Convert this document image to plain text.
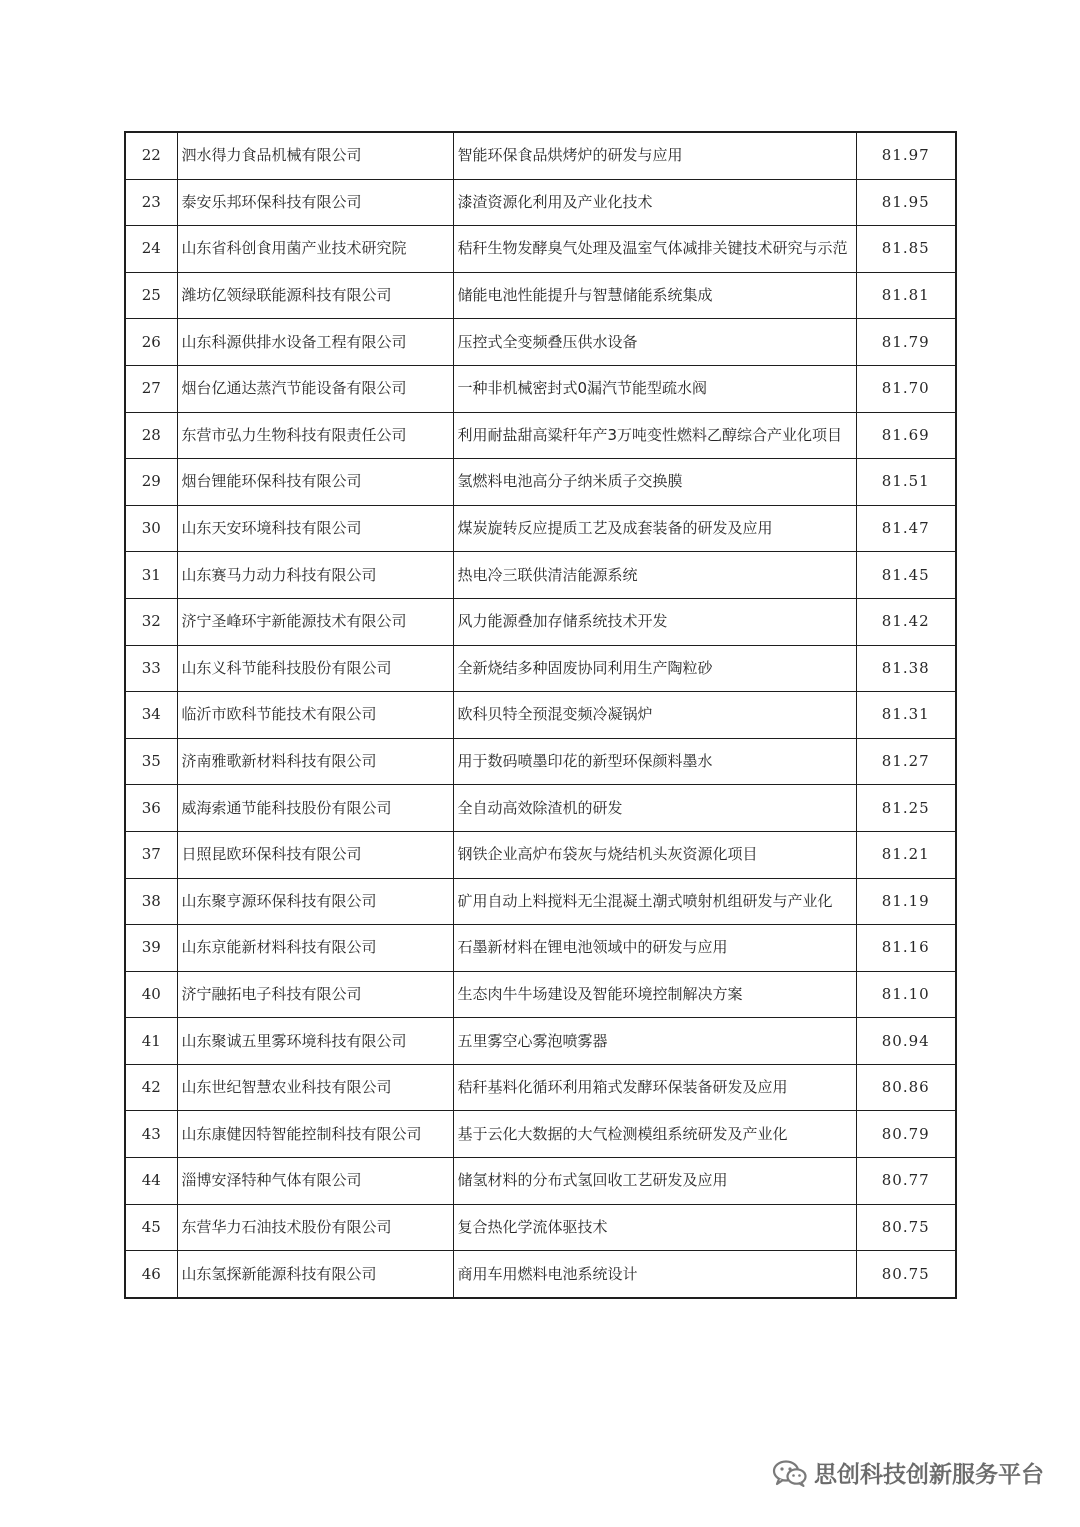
22	泗水得力食品机械有限公司	智能环保食品烘烤炉的研发与应用	81.97
23	泰安乐邦环保科技有限公司	漆渣资源化利用及产业化技术	81.95
24	山东省科创食用菌产业技术研究院	秸秆生物发酵臭气处理及温室气体减排关键技术研究与示范	81.85
25	潍坊亿领绿联能源科技有限公司	储能电池性能提升与智慧储能系统集成	81.81
26	山东科源供排水设备工程有限公司	压控式全变频叠压供水设备	81.79
27	烟台亿通达蒸汽节能设备有限公司	一种非机械密封式0漏汽节能型疏水阀	81.70
28	东营市弘力生物科技有限责任公司	利用耐盐甜高粱秆年产3万吨变性燃料乙醇综合产业化项目	81.69
29	烟台锂能环保科技有限公司	氢燃料电池高分子纳米质子交换膜	81.51
30	山东天安环境科技有限公司	煤炭旋转反应提质工艺及成套装备的研发及应用	81.47
31	山东赛马力动力科技有限公司	热电冷三联供清洁能源系统	81.45
32	济宁圣峰环宇新能源技术有限公司	风力能源叠加存储系统技术开发	81.42
33	山东义科节能科技股份有限公司	全新烧结多种固废协同利用生产陶粒砂	81.38
34	临沂市欧科节能技术有限公司	欧科贝特全预混变频冷凝锅炉	81.31
35	济南雅歌新材料科技有限公司	用于数码喷墨印花的新型环保颜料墨水	81.27
36	威海索通节能科技股份有限公司	全自动高效除渣机的研发	81.25
37	日照昆欧环保科技有限公司	钢铁企业高炉布袋灰与烧结机头灰资源化项目	81.21
38	山东聚亨源环保科技有限公司	矿用自动上料搅料无尘混凝土潮式喷射机组研发与产业化	81.19
39	山东京能新材料科技有限公司	石墨新材料在锂电池领域中的研发与应用	81.16
40	济宁融拓电子科技有限公司	生态肉牛牛场建设及智能环境控制解决方案	81.10
41	山东聚诚五里雾环境科技有限公司	五里雾空心雾泡喷雾器	80.94
42	山东世纪智慧农业科技有限公司	秸秆基料化循环利用箱式发酵环保装备研发及应用	80.86
43	山东康健因特智能控制科技有限公司	基于云化大数据的大气检测模组系统研发及产业化	80.79
44	淄博安泽特种气体有限公司	储氢材料的分布式氢回收工艺研发及应用	80.77
45	东营华力石油技术股份有限公司	复合热化学流体驱技术	80.75
46	山东氢探新能源科技有限公司	商用车用燃料电池系统设计	80.75
思创科技创新服务平台
